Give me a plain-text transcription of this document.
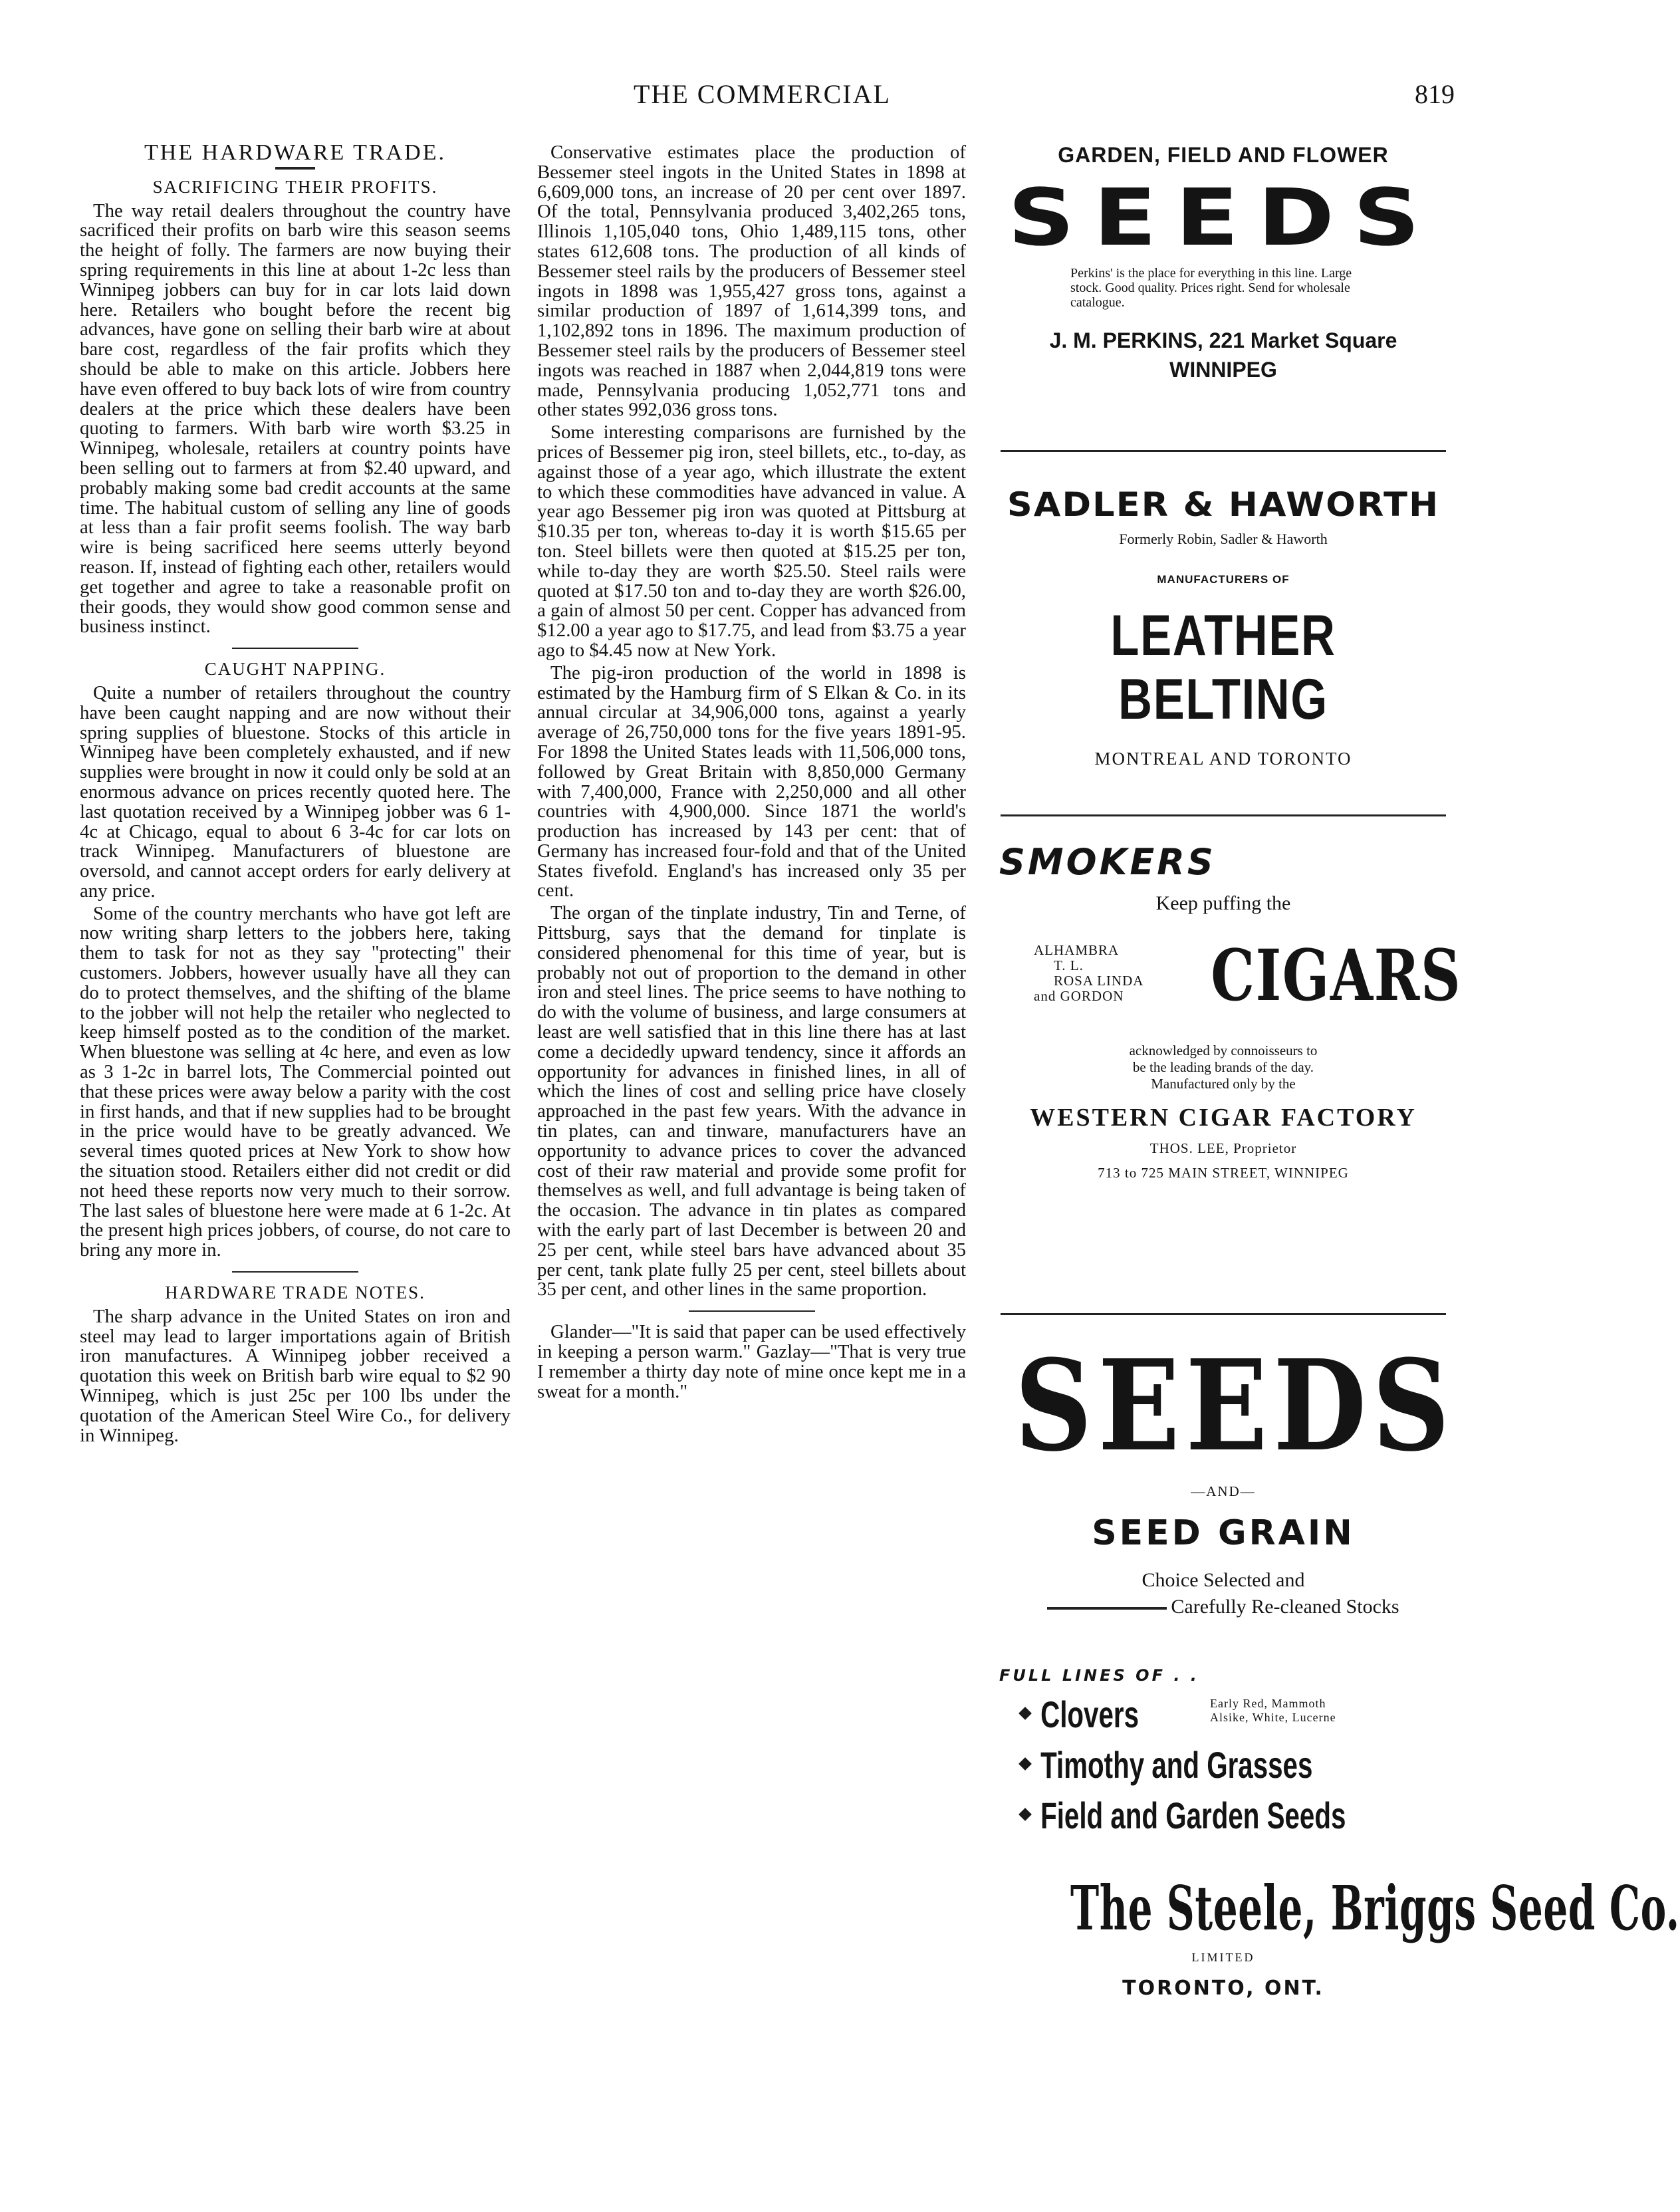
THE COMMERCIAL	819
THE HARDWARE TRADE.
SACRIFICING THEIR PROFITS.

The way retail dealers throughout the country have sacrificed their profits on barb wire this season seems the height of folly. The farmers are now buying their spring requirements in this line at about 1-2c less than Winnipeg jobbers can buy for in car lots laid down here. Retailers who bought before the recent big advances, have gone on selling their barb wire at about bare cost, regardless of the fair profits which they should be able to make on this article. Jobbers here have even offered to buy back lots of wire from country dealers at the price which these dealers have been quoting to farmers. With barb wire worth $3.25 in Winnipeg, wholesale, retailers at country points have been selling out to farmers at from $2.40 upward, and probably making some bad credit accounts at the same time. The habitual custom of selling any line of goods at less than a fair profit seems foolish. The way barb wire is being sacrificed here seems utterly beyond reason. If, instead of fighting each other, retailers would get together and agree to take a reasonable profit on their goods, they would show good common sense and business instinct.

CAUGHT NAPPING.

Quite a number of retailers throughout the country have been caught napping and are now without their spring supplies of bluestone. Stocks of this article in Winnipeg have been completely exhausted, and if new supplies were brought in now it could only be sold at an enormous advance on prices recently quoted here. The last quotation received by a Winnipeg jobber was 6 1-4c at Chicago, equal to about 6 3-4c for car lots on track Winnipeg. Manufacturers of bluestone are oversold, and cannot accept orders for early delivery at any price.

Some of the country merchants who have got left are now writing sharp letters to the jobbers here, taking them to task for not as they say "protecting" their customers. Jobbers, however usually have all they can do to protect themselves, and the shifting of the blame to the jobber will not help the retailer who neglected to keep himself posted as to the condition of the market. When bluestone was selling at 4c here, and even as low as 3 1-2c in barrel lots, The Commercial pointed out that these prices were away below a parity with the cost in first hands, and that if new supplies had to be brought in the price would have to be greatly advanced. We several times quoted prices at New York to show how the situation stood. Retailers either did not credit or did not heed these reports now very much to their sorrow. The last sales of bluestone here were made at 6 1-2c. At the present high prices jobbers, of course, do not care to bring any more in.

HARDWARE TRADE NOTES.

The sharp advance in the United States on iron and steel may lead to larger importations again of British iron manufactures. A Winnipeg jobber received a quotation this week on British barb wire equal to $2 90 Winnipeg, which is just 25c per 100 lbs under the quotation of the American Steel Wire Co., for delivery in Winnipeg.

Conservative estimates place the production of Bessemer steel ingots in the United States in 1898 at 6,609,000 tons, an increase of 20 per cent over 1897. Of the total, Pennsylvania produced 3,402,265 tons, Illinois 1,105,040 tons, Ohio 1,489,115 tons, other states 612,608 tons. The production of all kinds of Bessemer steel rails by the producers of Bessemer steel ingots in 1898 was 1,955,427 gross tons, against a similar production of 1897 of 1,614,399 tons, and 1,102,892 tons in 1896. The maximum production of Bessemer steel rails by the producers of Bessemer steel ingots was reached in 1887 when 2,044,819 tons were made, Pennsylvania producing 1,052,771 tons and other states 992,036 gross tons.

Some interesting comparisons are furnished by the prices of Bessemer pig iron, steel billets, etc., to-day, as against those of a year ago, which illustrate the extent to which these commodities have advanced in value. A year ago Bessemer pig iron was quoted at Pittsburg at $10.35 per ton, whereas to-day it is worth $15.65 per ton. Steel billets were then quoted at $15.25 per ton, while to-day they are worth $25.50. Steel rails were quoted at $17.50 ton and to-day they are worth $26.00, a gain of almost 50 per cent. Copper has advanced from $12.00 a year ago to $17.75, and lead from $3.75 a year ago to $4.45 now at New York.

The pig-iron production of the world in 1898 is estimated by the Hamburg firm of S Elkan & Co. in its annual circular at 34,906,000 tons, against a yearly average of 26,750,000 tons for the five years 1891-95. For 1898 the United States leads with 11,506,000 tons, followed by Great Britain with 8,850,000 Germany with 7,400,000, France with 2,250,000 and all other countries with 4,900,000. Since 1871 the world's production has increased by 143 per cent: that of Germany has increased four-fold and that of the United States fivefold. England's has increased only 35 per cent.

The organ of the tinplate industry, Tin and Terne, of Pittsburg, says that the demand for tinplate is considered phenomenal for this time of year, but is probably not out of proportion to the demand in other iron and steel lines. The price seems to have nothing to do with the volume of business, and large consumers at least are well satisfied that in this line there has at last come a decidedly upward tendency, since it affords an opportunity for advances in finished lines, in all of which the lines of cost and selling price have closely approached in the past few years. With the advance in tin plates, can and tinware, manufacturers have an opportunity to advance prices to cover the advanced cost of their raw material and provide some profit for themselves as well, and full advantage is being taken of the occasion. The advance in tin plates as compared with the early part of last December is between 20 and 25 per cent, while steel bars have advanced about 35 per cent, tank plate fully 25 per cent, steel billets about 35 per cent, and other lines in the same proportion.

Glander—"It is said that paper can be used effectively in keeping a person warm." Gazlay—"That is very true I remember a thirty day note of mine once kept me in a sweat for a month."

GARDEN, FIELD AND FLOWER
SEEDS
Perkins' is the place for everything in this line. Large stock. Good quality. Prices right. Send for wholesale catalogue.
J. M. PERKINS, 221 Market Square
WINNIPEG
SADLER & HAWORTH
Formerly Robin, Sadler & Haworth
MANUFACTURERS OF
LEATHER BELTING
MONTREAL AND TORONTO
SMOKERS
Keep puffing the
ALHAMBRA
T. L.
ROSA LINDA
and GORDON	CIGARS
acknowledged by connoisseurs to
be the leading brands of the day.
Manufactured only by the
WESTERN CIGAR FACTORY
THOS. LEE, Proprietor
713 to 725 MAIN STREET, WINNIPEG
SEEDS
—AND—
SEED GRAIN
Choice Selected and
Carefully Re-cleaned Stocks
FULL LINES OF . .
Clovers	Early Red, Mammoth
Alsike, White, Lucerne
Timothy and Grasses
Field and Garden Seeds
The Steele, Briggs Seed Co.
LIMITED
TORONTO, ONT.
